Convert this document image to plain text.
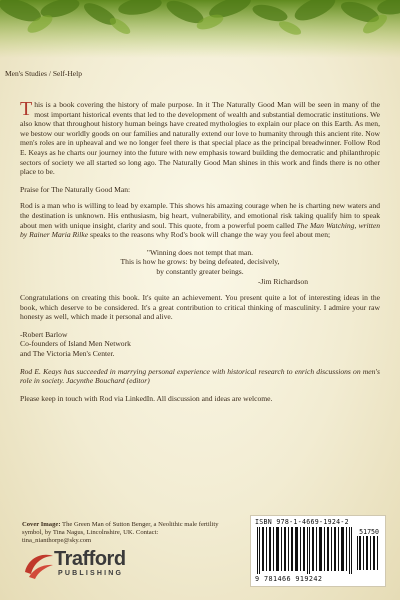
Men's Studies / Self-Help

This is a book covering the history of male purpose. In it The Naturally Good Man will be seen in many of the most important historical events that led to the development of wealth and substantial democratic institutions. We also know that throughout history human beings have created mythologies to explain our place on this Earth. As men, we bestow our worldly goods on our families and naturally extend our love to humanity through this ancient rite. Now men's roles are in upheaval and we no longer feel there is that special place as the principal breadwinner. Follow Rod E. Keays as he charts our journey into the future with new emphasis toward building the democratic and philanthropic sectors of society we all started so long ago. The Naturally Good Man shines in this work and finds there is no other place to be.

Praise for The Naturally Good Man:

Rod is a man who is willing to lead by example. This shows his amazing courage when he is charting new waters and the destination is unknown. His enthusiasm, big heart, vulnerability, and emotional risk taking qualify him to speak about men with unique insight, clarity and soul. This quote, from a powerful poem called The Man Watching, written by Rainer Maria Rilke speaks to the reasons why Rod's book will change the way you feel about men;

"Winning does not tempt that man.
This is how he grows: by being defeated, decisively,
by constantly greater beings.
-Jim Richardson

Congratulations on creating this book. It's quite an achievement. You present quite a lot of interesting ideas in the book, which deserve to be considered. It's a great contribution to critical thinking of masculinity. I admire your raw honesty as well, which made it personal and alive.

-Robert Barlow
Co-founders of Island Men Network
and The Victoria Men's Center.

Rod E. Keays has succeeded in marrying personal experience with historical research to enrich discussions on men's role in society. Jacynthe Bouchard (editor)

Please keep in touch with Rod via LinkedIn. All discussion and ideas are welcome.

Cover Image: The Green Man of Sutton Benger, a Neolithic male fertility symbol, by Tina Nagus, Lincolnshire, UK. Contact: tina_nianthorpe@sky.com
ISBN 978-1-4669-1924-2
51750
9 781466 919242
Trafford
PUBLISHING
